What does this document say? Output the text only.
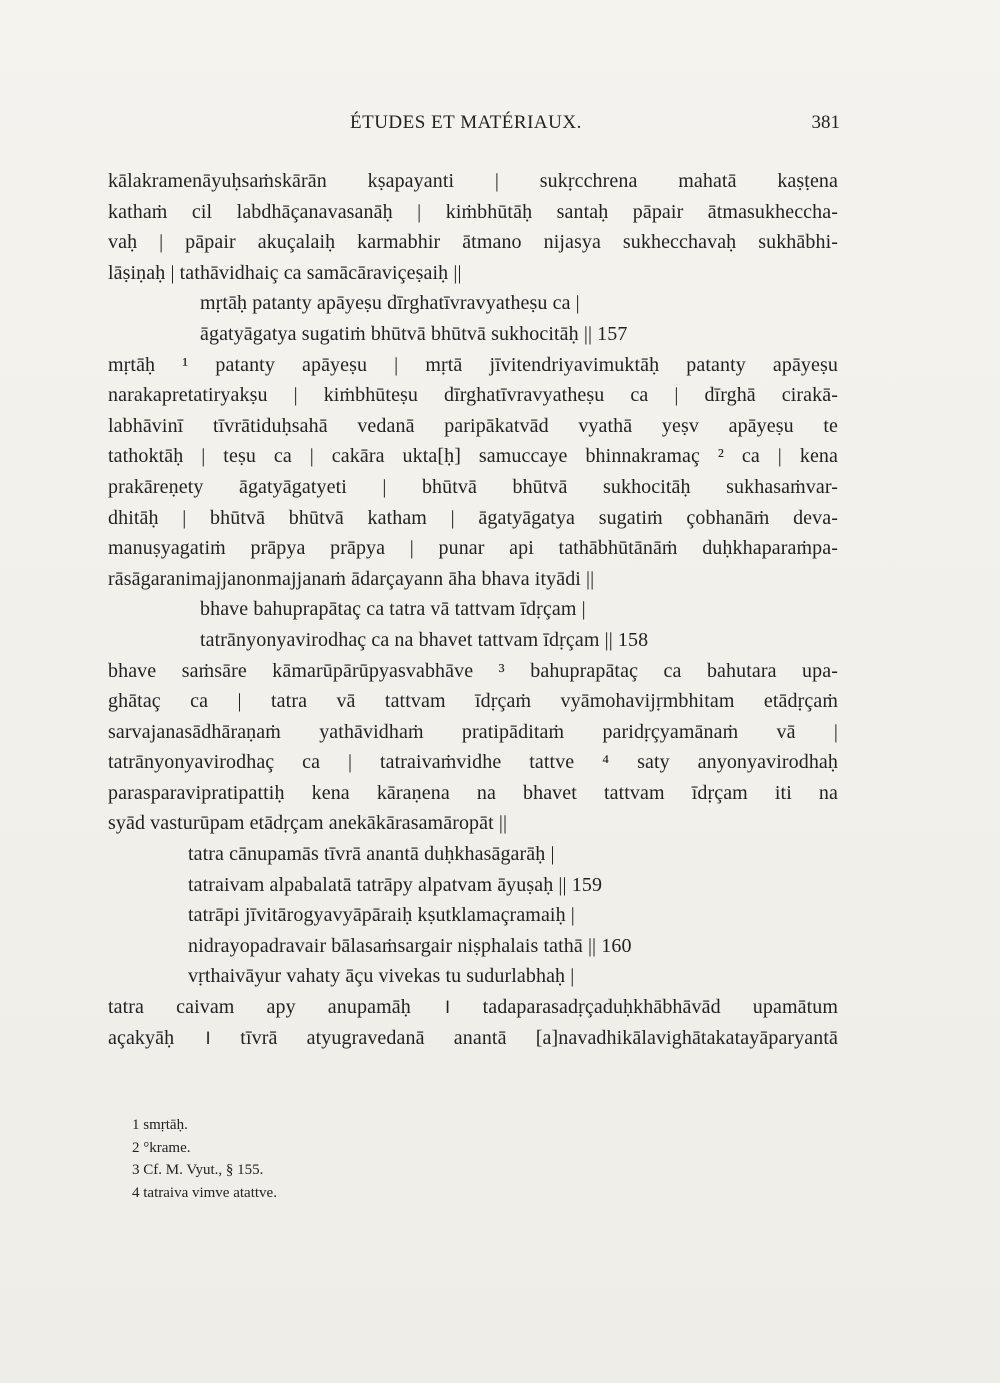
ÉTUDES ET MATÉRIAUX.	381
kālakramenāyuḥsaṁskārān kṣapayanti | sukṛcchrena mahatā kaṣṭena
kathaṁ cil labdhāçanavasanāḥ | kiṁbhūtāḥ santaḥ pāpair ātmasukheccha-
vaḥ | pāpair akuçalaiḥ karmabhir ātmano nijasya sukhecchavaḥ sukhābhi-
lāṣiṇaḥ | tathāvidhaiç ca samācāraviçeṣaiḥ ||
mṛtāḥ patanty apāyeṣu dīrghatīvravyatheṣu ca |
āgatyāgatya sugatiṁ bhūtvā bhūtvā sukhocitāḥ || 157
mṛtāḥ ¹ patanty apāyeṣu | mṛtā jīvitendriyavimuktāḥ patanty apāyeṣu
narakapretatiryakṣu | kiṁbhūteṣu dīrghatīvravyatheṣu ca | dīrghā cirakā-
labhāvinī tīvrātiduḥsahā vedanā paripākatvād vyathā yeṣv apāyeṣu te
tathoktāḥ | teṣu ca | cakāra ukta[ḥ] samuccaye bhinnakramaç ² ca | kena
prakāreṇety āgatyāgatyeti | bhūtvā bhūtvā sukhocitāḥ sukhasaṁvar-
dhitāḥ | bhūtvā bhūtvā katham | āgatyāgatya sugatiṁ çobhanāṁ deva-
manuṣyagatiṁ prāpya prāpya | punar api tathābhūtānāṁ duḥkhaparaṁpa-
rāsāgaranimajjanonmajjanaṁ ādarçayann āha bhava ityādi ||
bhave bahuprapātaç ca tatra vā tattvam īdṛçam |
tatrānyonyavirodhaç ca na bhavet tattvam īdṛçam || 158
bhave saṁsāre kāmarūpārūpyasvabhāve ³ bahuprapātaç ca bahutara upa-
ghātaç ca | tatra vā tattvam īdṛçaṁ vyāmohavijṛmbhitam etādṛçaṁ
sarvajanasādhāraṇaṁ yathāvidhaṁ pratipāditaṁ paridṛçyamānaṁ vā |
tatrānyonyavirodhaç ca | tatraivaṁvidhe tattve ⁴ saty anyonyavirodhaḥ
parasparavipratipattiḥ kena kāraṇena na bhavet tattvam īdṛçam iti na
syād vasturūpam etādṛçam anekākārasamāropāt ||
tatra cānupamās tīvrā anantā duḥkhasāgarāḥ |
tatraivam alpabalatā tatrāpy alpatvam āyuṣaḥ || 159
tatrāpi jīvitārogyavyāpāraiḥ kṣutklamaçramaiḥ |
nidrayopadravair bālasaṁsargair niṣphalais tathā || 160
vṛthaivāyur vahaty āçu vivekas tu sudurlabhaḥ |
tatra caivam apy anupamāḥ । tadaparasadṛçaduḥkhābhāvād upamātum
açakyāḥ । tīvrā atyugravedanā anantā [a]navadhikālavighātakatayāparyantā
1 smṛtāḥ.
2 °krame.
3 Cf. M. Vyut., § 155.
4 tatraiva vimve atattve.
